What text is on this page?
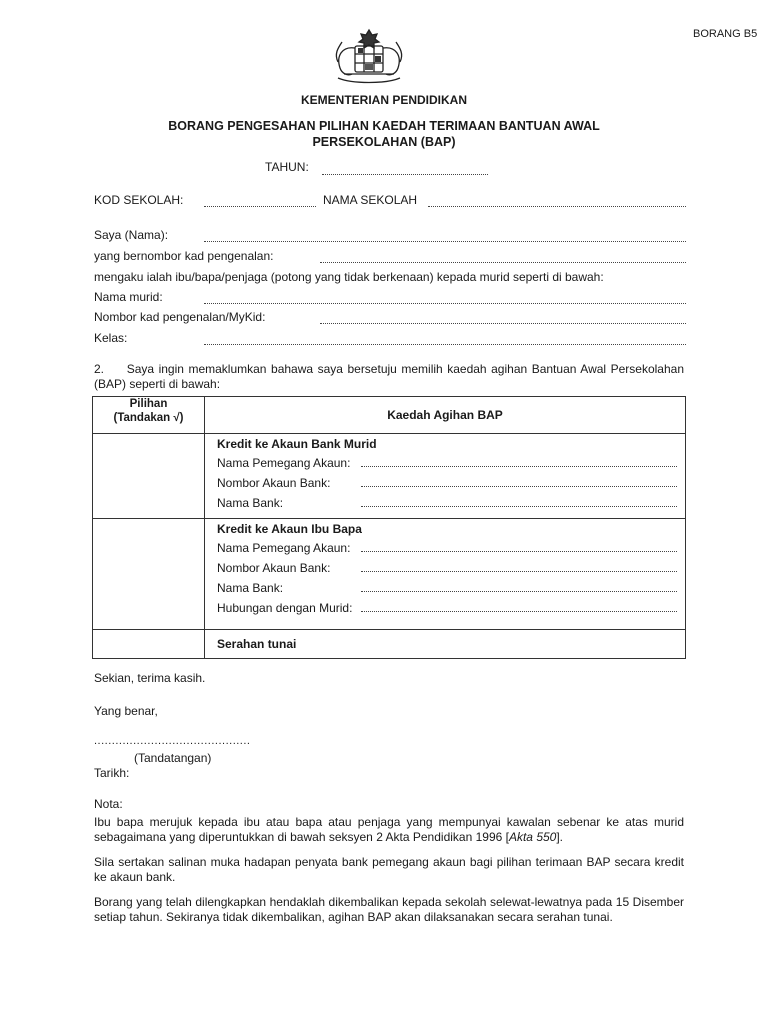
BORANG B5
KEMENTERIAN PENDIDIKAN
BORANG PENGESAHAN PILIHAN KAEDAH TERIMAAN BANTUAN AWAL
PERSEKOLAHAN (BAP)
TAHUN:
KOD SEKOLAH:	NAMA SEKOLAH
Saya (Nama):
yang bernombor kad pengenalan:
mengaku ialah ibu/bapa/penjaga (potong yang tidak berkenaan) kepada murid seperti di bawah:
Nama murid:
Nombor kad pengenalan/MyKid:
Kelas:
2. Saya ingin memaklumkan bahawa saya bersetuju memilih kaedah agihan Bantuan Awal Persekolahan (BAP) seperti di bawah:
Pilihan
(Tandakan √)	Kaedah Agihan BAP

	Kredit ke Akaun Bank Murid
Nama Pemegang Akaun:
Nombor Akaun Bank:
Nama Bank:

	Kredit ke Akaun Ibu Bapa
Nama Pemegang Akaun:
Nombor Akaun Bank:
Nama Bank:
Hubungan dengan Murid:

	Serahan tunai
Sekian, terima kasih.
Yang benar,
............................................
(Tandatangan)
Tarikh:
Nota:
Ibu bapa merujuk kepada ibu atau bapa atau penjaga yang mempunyai kawalan sebenar ke atas murid sebagaimana yang diperuntukkan di bawah seksyen 2 Akta Pendidikan 1996 [Akta 550].
Sila sertakan salinan muka hadapan penyata bank pemegang akaun bagi pilihan terimaan BAP secara kredit ke akaun bank.
Borang yang telah dilengkapkan hendaklah dikembalikan kepada sekolah selewat-lewatnya pada 15 Disember setiap tahun. Sekiranya tidak dikembalikan, agihan BAP akan dilaksanakan secara serahan tunai.
